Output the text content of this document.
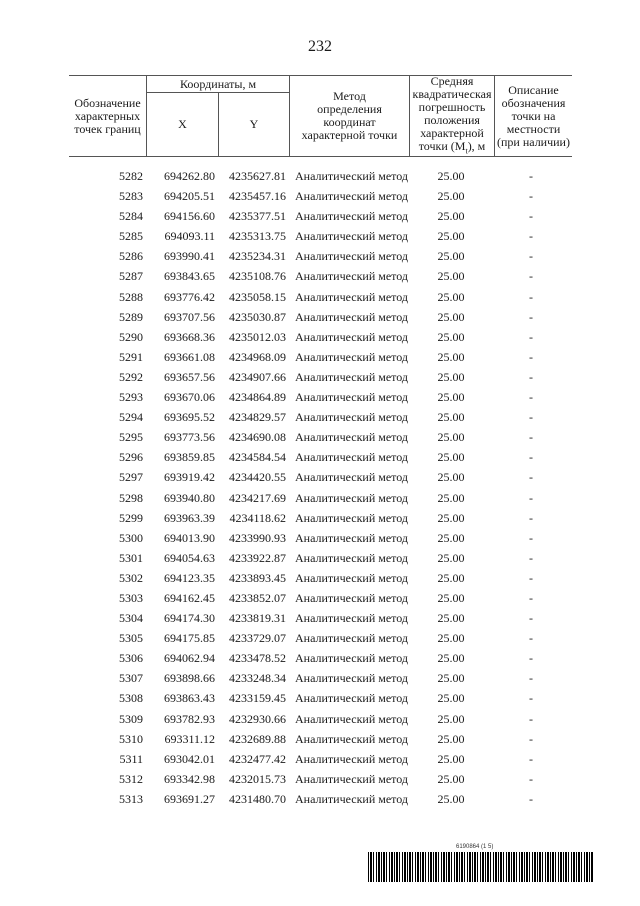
232
Обозначение характерных точек границ
Координаты, м
X	Y
Метод определения координат характерной точки
Средняя квадратическая погрешность положения характерной точки $(M_t)$, м
Описание обозначения точки на местности (при наличии)
5282	694262.80	4235627.81 Аналитический метод	25.00	-
5283	694205.51	4235457.16 Аналитический метод	25.00	-
5284	694156.60	4235377.51 Аналитический метод	25.00	-
5285	694093.11	4235313.75 Аналитический метод	25.00	-
5286	693990.41	4235234.31 Аналитический метод	25.00	-
5287	693843.65	4235108.76 Аналитический метод	25.00	-
5288	693776.42	4235058.15 Аналитический метод	25.00	-
5289	693707.56	4235030.87 Аналитический метод	25.00	-
5290	693668.36	4235012.03 Аналитический метод	25.00	-
5291	693661.08	4234968.09 Аналитический метод	25.00	-
5292	693657.56	4234907.66 Аналитический метод	25.00	-
5293	693670.06	4234864.89 Аналитический метод	25.00	-
5294	693695.52	4234829.57 Аналитический метод	25.00	-
5295	693773.56	4234690.08 Аналитический метод	25.00	-
5296	693859.85	4234584.54 Аналитический метод	25.00	-
5297	693919.42	4234420.55 Аналитический метод	25.00	-
5298	693940.80	4234217.69 Аналитический метод	25.00	-
5299	693963.39	4234118.62 Аналитический метод	25.00	-
5300	694013.90	4233990.93 Аналитический метод	25.00	-
5301	694054.63	4233922.87 Аналитический метод	25.00	-
5302	694123.35	4233893.45 Аналитический метод	25.00	-
5303	694162.45	4233852.07 Аналитический метод	25.00	-
5304	694174.30	4233819.31 Аналитический метод	25.00	-
5305	694175.85	4233729.07 Аналитический метод	25.00	-
5306	694062.94	4233478.52 Аналитический метод	25.00	-
5307	693898.66	4233248.34 Аналитический метод	25.00	-
5308	693863.43	4233159.45 Аналитический метод	25.00	-
5309	693782.93	4232930.66 Аналитический метод	25.00	-
5310	693311.12	4232689.88 Аналитический метод	25.00	-
5311	693042.01	4232477.42 Аналитический метод	25.00	-
5312	693342.98	4232015.73 Аналитический метод	25.00	-
5313	693691.27	4231480.70 Аналитический метод	25.00	-
6190864 (1 5)
